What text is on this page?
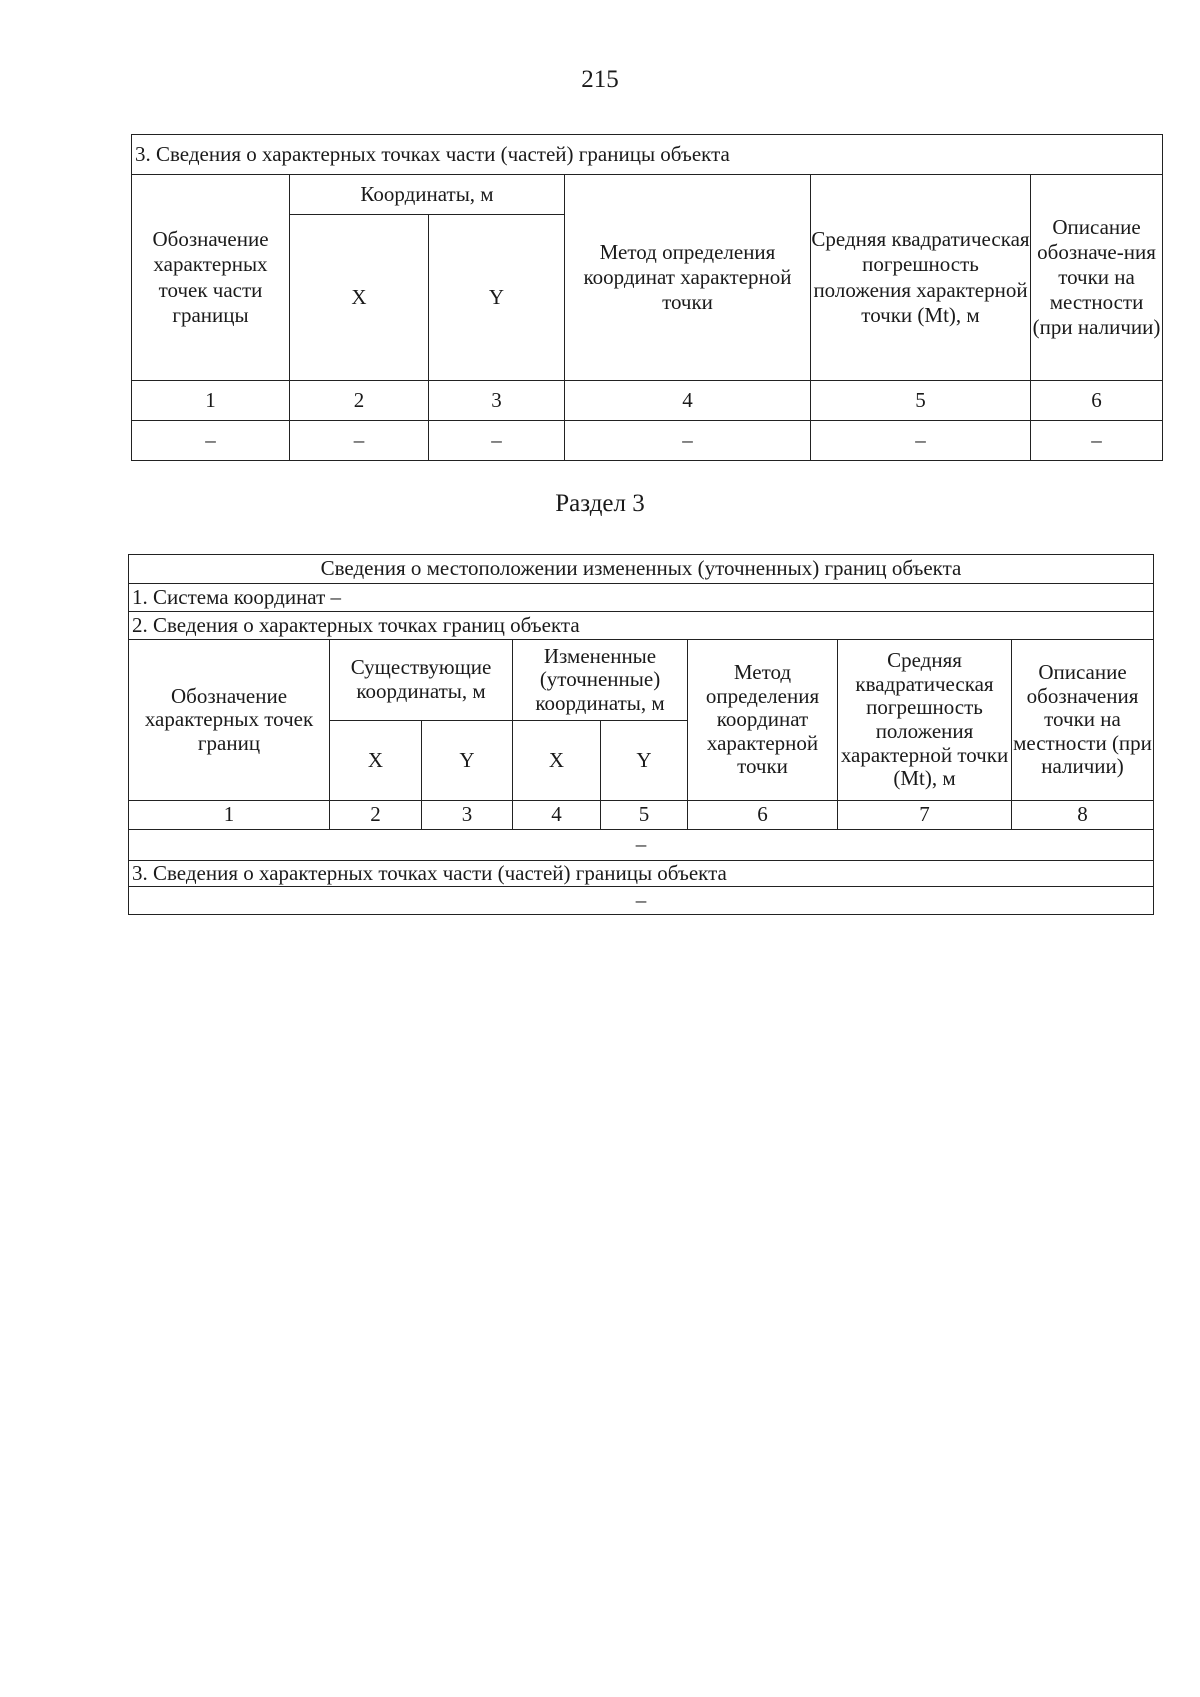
215
3. Сведения о характерных точках части (частей) границы объекта					
Обозначение характерных точек части границы	Координаты, м		Метод определения координат характерной точки	Средняя квадратическая погрешность положения характерной точки (Mt), м	Описание обозначе-ния точки на местности (при наличии)
	X	Y			
1	2	3	4	5	6
–	–	–	–	–	–
Раздел 3
Сведения о местоположении измененных (уточненных) границ объекта							
1. Система координат –							
2. Сведения о характерных точках границ объекта							
Обозначение характерных точек границ	Существующие координаты, м		Измененные (уточненные) координаты, м		Метод определения координат характерной точки	Средняя квадратическая погрешность положения характерной точки (Mt), м	Описание обозначения точки на местности (при наличии)
	X	Y	X	Y			
1	2	3	4	5	6	7	8
–							
3. Сведения о характерных точках части (частей) границы объекта							
–							
